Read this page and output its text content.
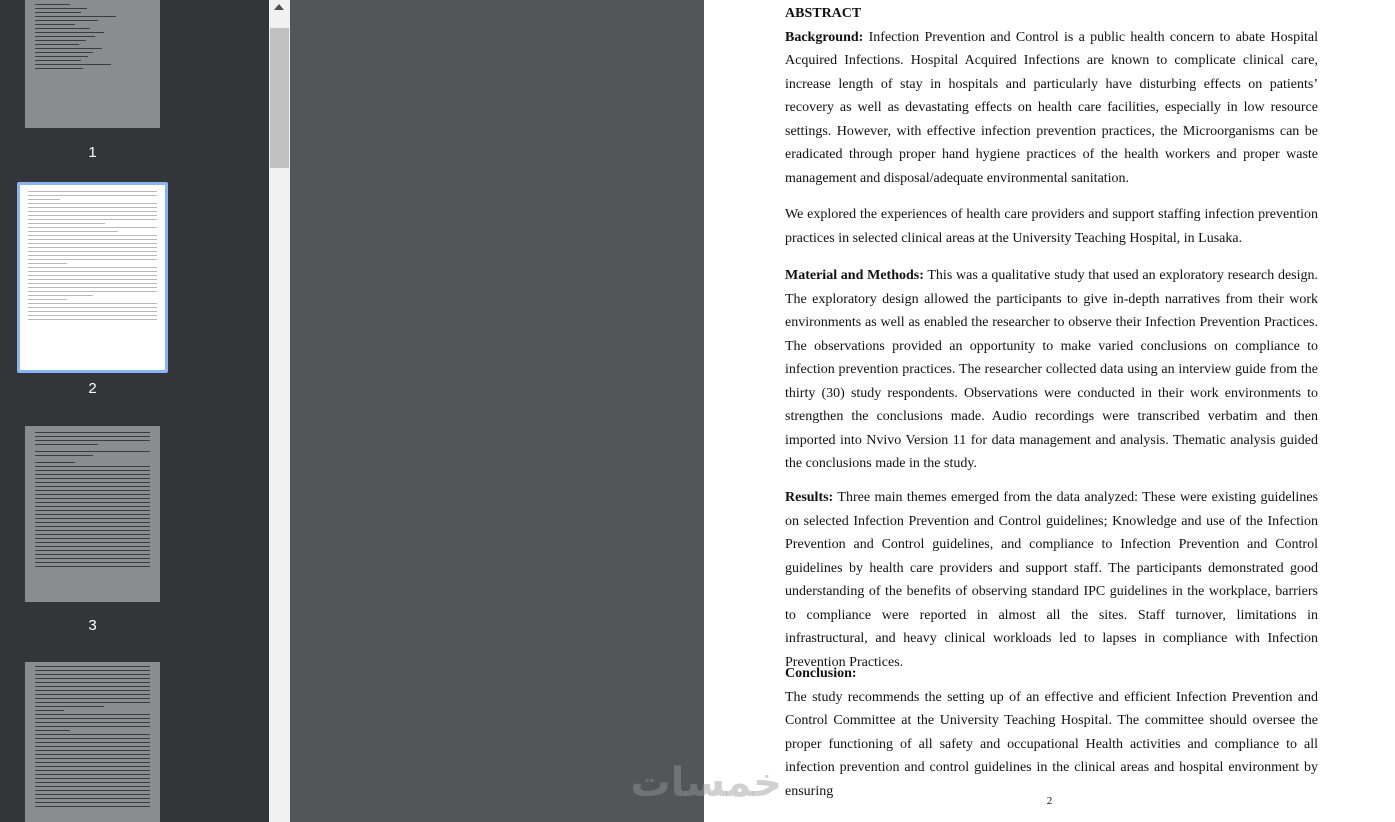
1
2
3

ABSTRACT

Background: Infection Prevention and Control is a public health concern to abate Hospital Acquired Infections. Hospital Acquired Infections are known to complicate clinical care, increase length of stay in hospitals and particularly have disturbing effects on patients’ recovery as well as devastating effects on health care facilities, especially in low resource settings. However, with effective infection prevention practices, the Microorganisms can be eradicated through proper hand hygiene practices of the health workers and proper waste management and disposal/adequate environmental sanitation.

We explored the experiences of health care providers and support staffing infection prevention practices in selected clinical areas at the University Teaching Hospital, in Lusaka.

Material and Methods: This was a qualitative study that used an exploratory research design. The exploratory design allowed the participants to give in-depth narratives from their work environments as well as enabled the researcher to observe their Infection Prevention Practices. The observations provided an opportunity to make varied conclusions on compliance to infection prevention practices. The researcher collected data using an interview guide from the thirty (30) study respondents. Observations were conducted in their work environments to strengthen the conclusions made. Audio recordings were transcribed verbatim and then imported into Nvivo Version 11 for data management and analysis. Thematic analysis guided the conclusions made in the study.

Results: Three main themes emerged from the data analyzed: These were existing guidelines on selected Infection Prevention and Control guidelines; Knowledge and use of the Infection Prevention and Control guidelines, and compliance to Infection Prevention and Control guidelines by health care providers and support staff. The participants demonstrated good understanding of the benefits of observing standard IPC guidelines in the workplace, barriers to compliance were reported in almost all the sites. Staff turnover, limitations in infrastructural, and heavy clinical workloads led to lapses in compliance with Infection Prevention Practices.

Conclusion:

The study recommends the setting up of an effective and efficient Infection Prevention and Control Committee at the University Teaching Hospital. The committee should oversee the proper functioning of all safety and occupational Health activities and compliance to all infection prevention and control guidelines in the clinical areas and hospital environment by ensuring

2
خمسات
